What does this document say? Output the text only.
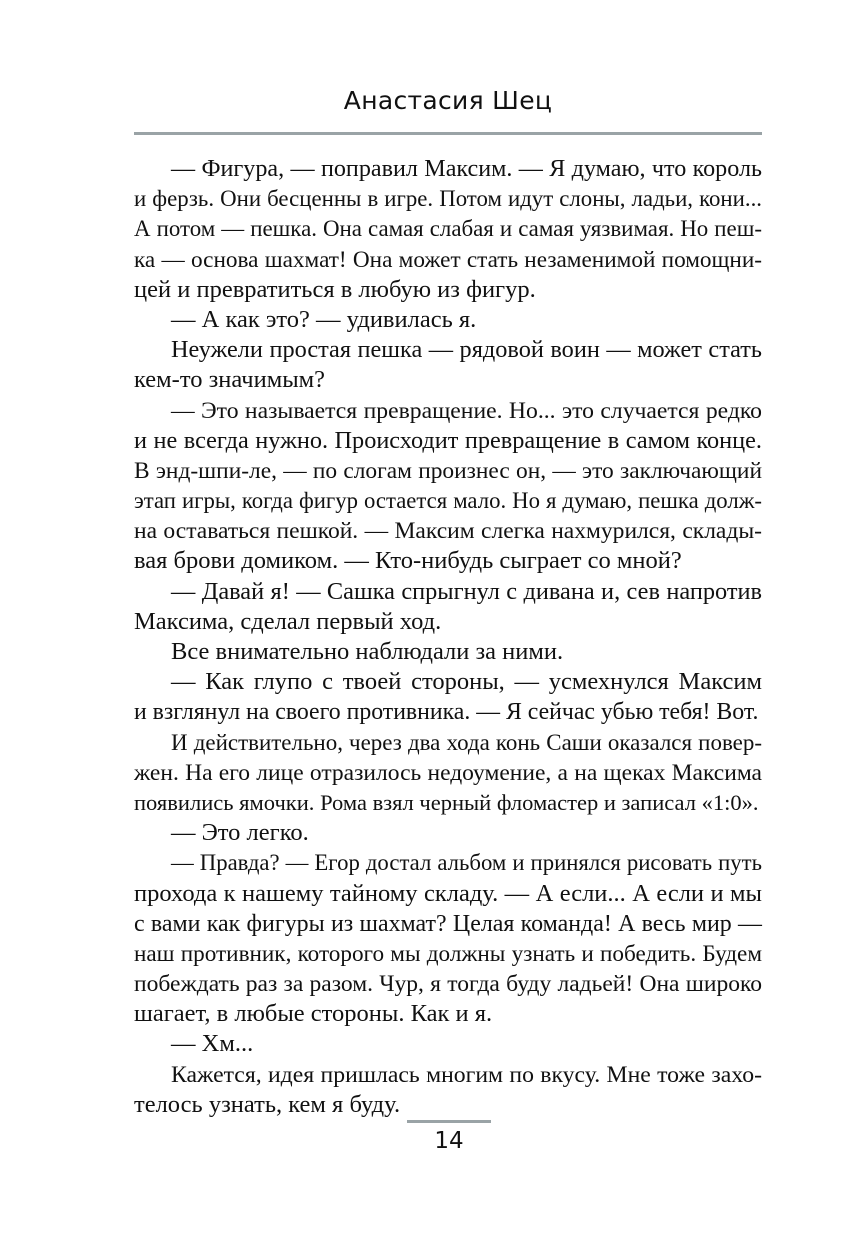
Анастасия Шец
— Фигура, — поправил Максим. — Я думаю, что король
и ферзь. Они бесценны в игре. Потом идут слоны, ладьи, кони...
А потом — пешка. Она самая слабая и самая уязвимая. Но пеш-
ка — основа шахмат! Она может стать незаменимой помощни-
цей и превратиться в любую из фигур.
— А как это? — удивилась я.
Неужели простая пешка — рядовой воин — может стать
кем-то значимым?
— Это называется превращение. Но... это случается редко
и не всегда нужно. Происходит превращение в самом конце.
В энд-шпи-ле, — по слогам произнес он, — это заключающий
этап игры, когда фигур остается мало. Но я думаю, пешка долж-
на оставаться пешкой. — Максим слегка нахмурился, склады-
вая брови домиком. — Кто-нибудь сыграет со мной?
— Давай я! — Сашка спрыгнул с дивана и, сев напротив
Максима, сделал первый ход.
Все внимательно наблюдали за ними.
— Как глупо с твоей стороны, — усмехнулся Максим
и взглянул на своего противника. — Я сейчас убью тебя! Вот.
И действительно, через два хода конь Саши оказался повер-
жен. На его лице отразилось недоумение, а на щеках Максима
появились ямочки. Рома взял черный фломастер и записал «1:0».
— Это легко.
— Правда? — Егор достал альбом и принялся рисовать путь
прохода к нашему тайному складу. — А если... А если и мы
с вами как фигуры из шахмат? Целая команда! А весь мир —
наш противник, которого мы должны узнать и победить. Будем
побеждать раз за разом. Чур, я тогда буду ладьей! Она широко
шагает, в любые стороны. Как и я.
— Хм...
Кажется, идея пришлась многим по вкусу. Мне тоже захо-
телось узнать, кем я буду.
14
